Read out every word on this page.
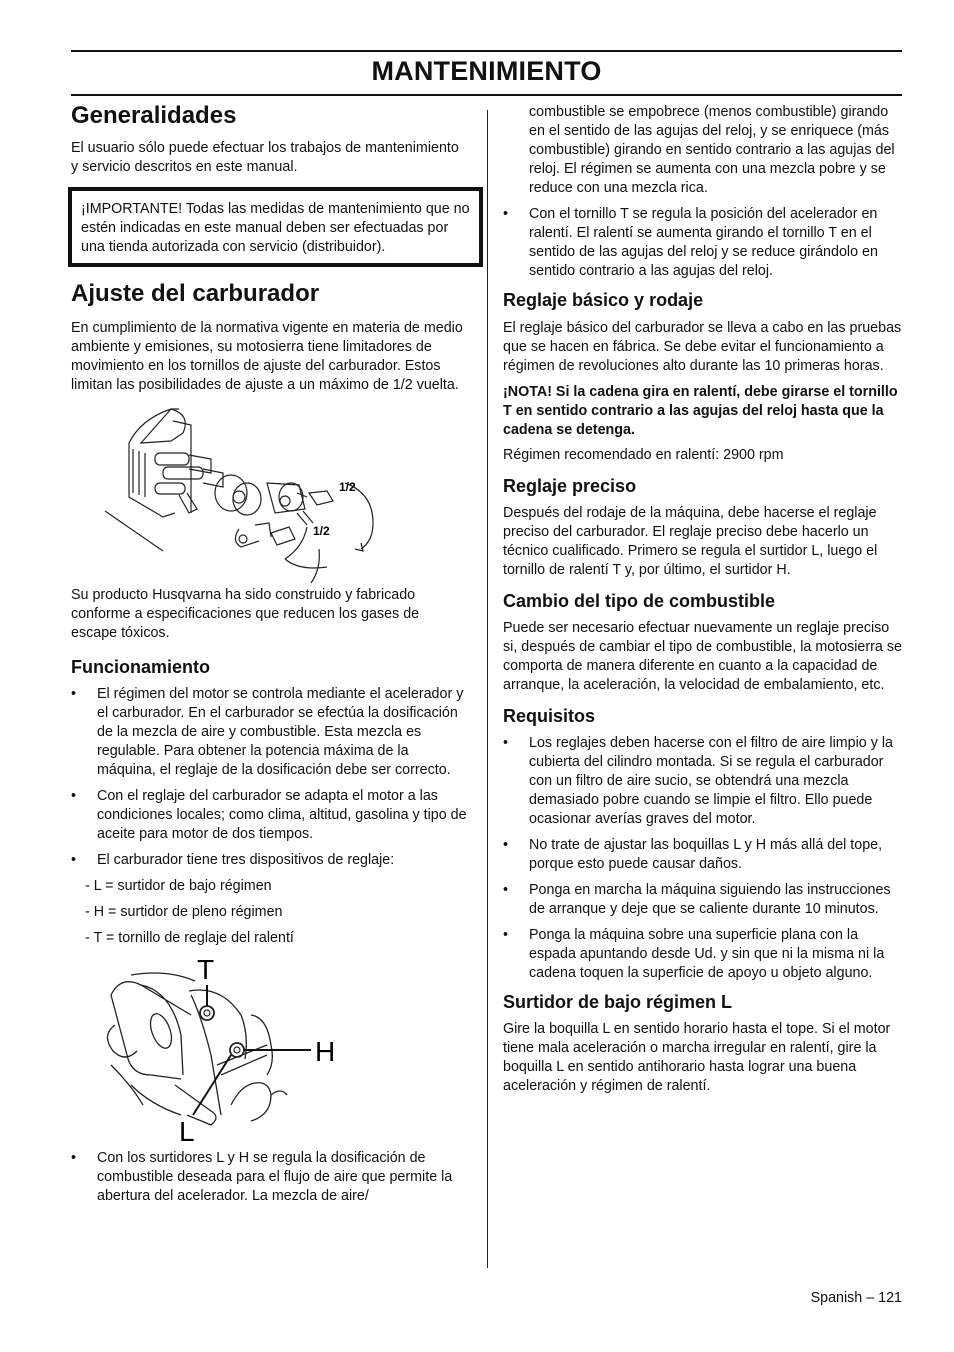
MANTENIMIENTO
Generalidades

El usuario sólo puede efectuar los trabajos de mantenimiento y servicio descritos en este manual.

¡IMPORTANTE! Todas las medidas de mantenimiento que no estén indicadas en este manual deben ser efectuadas por una tienda autorizada con servicio (distribuidor).

Ajuste del carburador

En cumplimiento de la normativa vigente en materia de medio ambiente y emisiones, su motosierra tiene limitadores de movimiento en los tornillos de ajuste del carburador. Estos limitan las posibilidades de ajuste a un máximo de 1/2 vuelta.

1/2
1/2

Su producto Husqvarna ha sido construido y fabricado conforme a especificaciones que reducen los gases de escape tóxicos.

Funcionamiento
• El régimen del motor se controla mediante el acelerador y el carburador. En el carburador se efectúa la dosificación de la mezcla de aire y combustible. Esta mezcla es regulable. Para obtener la potencia máxima de la máquina, el reglaje de la dosificación debe ser correcto.
• Con el reglaje del carburador se adapta el motor a las condiciones locales; como clima, altitud, gasolina y tipo de aceite para motor de dos tiempos.
• El carburador tiene tres dispositivos de reglaje:
- L = surtidor de bajo régimen
- H = surtidor de pleno régimen
- T = tornillo de reglaje del ralentí
T
H
L
• Con los surtidores L y H se regula la dosificación de combustible deseada para el flujo de aire que permite la abertura del acelerador. La mezcla de aire/

combustible se empobrece (menos combustible) girando en el sentido de las agujas del reloj, y se enriquece (más combustible) girando en sentido contrario a las agujas del reloj. El régimen se aumenta con una mezcla pobre y se reduce con una mezcla rica.

• Con el tornillo T se regula la posición del acelerador en ralentí. El ralentí se aumenta girando el tornillo T en el sentido de las agujas del reloj y se reduce girándolo en sentido contrario a las agujas del reloj.
Reglaje básico y rodaje

El reglaje básico del carburador se lleva a cabo en las pruebas que se hacen en fábrica. Se debe evitar el funcionamiento a régimen de revoluciones alto durante las 10 primeras horas.

¡NOTA! Si la cadena gira en ralentí, debe girarse el tornillo T en sentido contrario a las agujas del reloj hasta que la cadena se detenga.

Régimen recomendado en ralentí: 2900 rpm

Reglaje preciso

Después del rodaje de la máquina, debe hacerse el reglaje preciso del carburador. El reglaje preciso debe hacerlo un técnico cualificado. Primero se regula el surtidor L, luego el tornillo de ralentí T y, por último, el surtidor H.

Cambio del tipo de combustible

Puede ser necesario efectuar nuevamente un reglaje preciso si, después de cambiar el tipo de combustible, la motosierra se comporta de manera diferente en cuanto a la capacidad de arranque, la aceleración, la velocidad de embalamiento, etc.

Requisitos
• Los reglajes deben hacerse con el filtro de aire limpio y la cubierta del cilindro montada. Si se regula el carburador con un filtro de aire sucio, se obtendrá una mezcla demasiado pobre cuando se limpie el filtro. Ello puede ocasionar averías graves del motor.
• No trate de ajustar las boquillas L y H más allá del tope, porque esto puede causar daños.
• Ponga en marcha la máquina siguiendo las instrucciones de arranque y deje que se caliente durante 10 minutos.
• Ponga la máquina sobre una superficie plana con la espada apuntando desde Ud. y sin que ni la misma ni la cadena toquen la superficie de apoyo u objeto alguno.
Surtidor de bajo régimen L

Gire la boquilla L en sentido horario hasta el tope. Si el motor tiene mala aceleración o marcha irregular en ralentí, gire la boquilla L en sentido antihorario hasta lograr una buena aceleración y régimen de ralentí.

Spanish – 121
